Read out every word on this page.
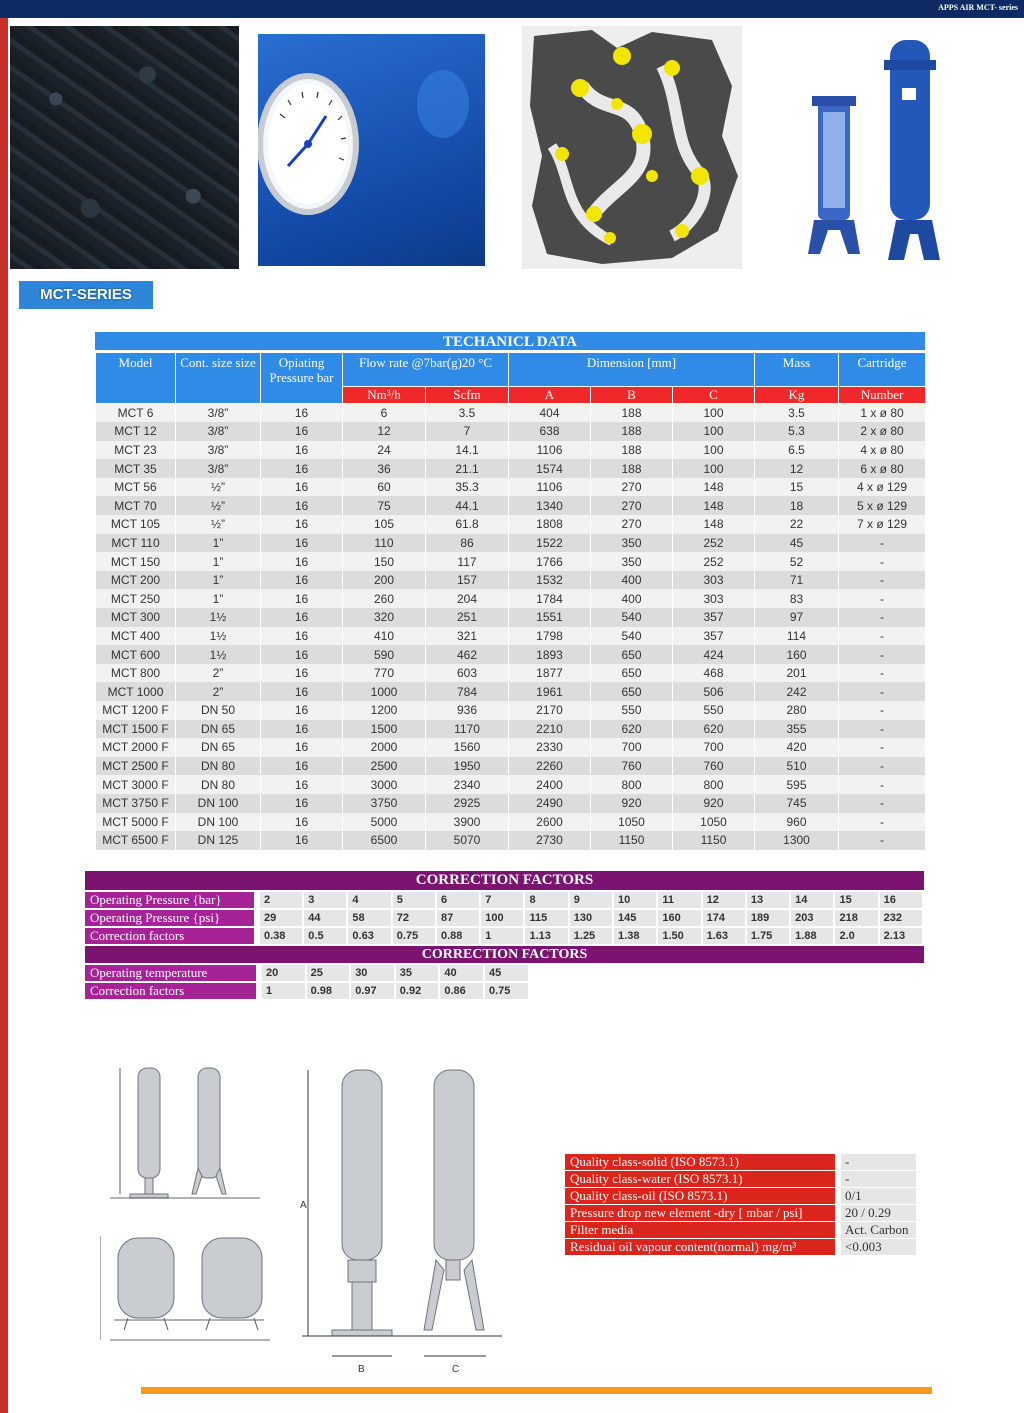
APPS AIR MCT- series
MCT-SERIES
TECHANICL DATA
Model	Cont. size size	Opiating Pressure bar	Flow rate @7bar(g)20 °C		Dimension [mm]			Mass	Cartridge
			Nm³/h	Scfm	A	B	C	Kg	Number
MCT 6	3/8”	16	6	3.5	404	188	100	3.5	1 x ø 80
MCT 12	3/8”	16	12	7	638	188	100	5.3	2 x ø 80
MCT 23	3/8”	16	24	14.1	1106	188	100	6.5	4 x ø 80
MCT 35	3/8”	16	36	21.1	1574	188	100	12	6 x ø 80
MCT 56	½”	16	60	35.3	1106	270	148	15	4 x ø 129
MCT 70	½”	16	75	44.1	1340	270	148	18	5 x ø 129
MCT 105	½”	16	105	61.8	1808	270	148	22	7 x ø 129
MCT 110	1”	16	110	86	1522	350	252	45	-
MCT 150	1”	16	150	117	1766	350	252	52	-
MCT 200	1”	16	200	157	1532	400	303	71	-
MCT 250	1”	16	260	204	1784	400	303	83	-
MCT 300	1½	16	320	251	1551	540	357	97	-
MCT 400	1½	16	410	321	1798	540	357	114	-
MCT 600	1½	16	590	462	1893	650	424	160	-
MCT 800	2”	16	770	603	1877	650	468	201	-
MCT 1000	2”	16	1000	784	1961	650	506	242	-
MCT 1200 F	DN 50	16	1200	936	2170	550	550	280	-
MCT 1500 F	DN 65	16	1500	1170	2210	620	620	355	-
MCT 2000 F	DN 65	16	2000	1560	2330	700	700	420	-
MCT 2500 F	DN 80	16	2500	1950	2260	760	760	510	-
MCT 3000 F	DN 80	16	3000	2340	2400	800	800	595	-
MCT 3750 F	DN 100	16	3750	2925	2490	920	920	745	-
MCT 5000 F	DN 100	16	5000	3900	2600	1050	1050	960	-
MCT 6500 F	DN 125	16	6500	5070	2730	1150	1150	1300	-
CORRECTION FACTORS
Operating Pressure {bar}	2	3	4	5	6	7	8	9	10	11	12	13	14	15	16
Operating Pressure {psi}	29	44	58	72	87	100	115	130	145	160	174	189	203	218	232
Correction factors	0.38	0.5	0.63	0.75	0.88	1	1.13	1.25	1.38	1.50	1.63	1.75	1.88	2.0	2.13
CORRECTION FACTORS
Operating temperature	20	25	30	35	40	45
Correction factors	1	0.98	0.97	0.92	0.86	0.75
A
B	C
Quality class-solid (ISO 8573.1)	-
Quality class-water (ISO 8573.1)	-
Quality class-oil (ISO 8573.1)	0/1
Pressure drop new element -dry [ mbar / psi]	20 / 0.29
Filter media	Act. Carbon
Residual oil vapour content(normal) mg/m³	<0.003
